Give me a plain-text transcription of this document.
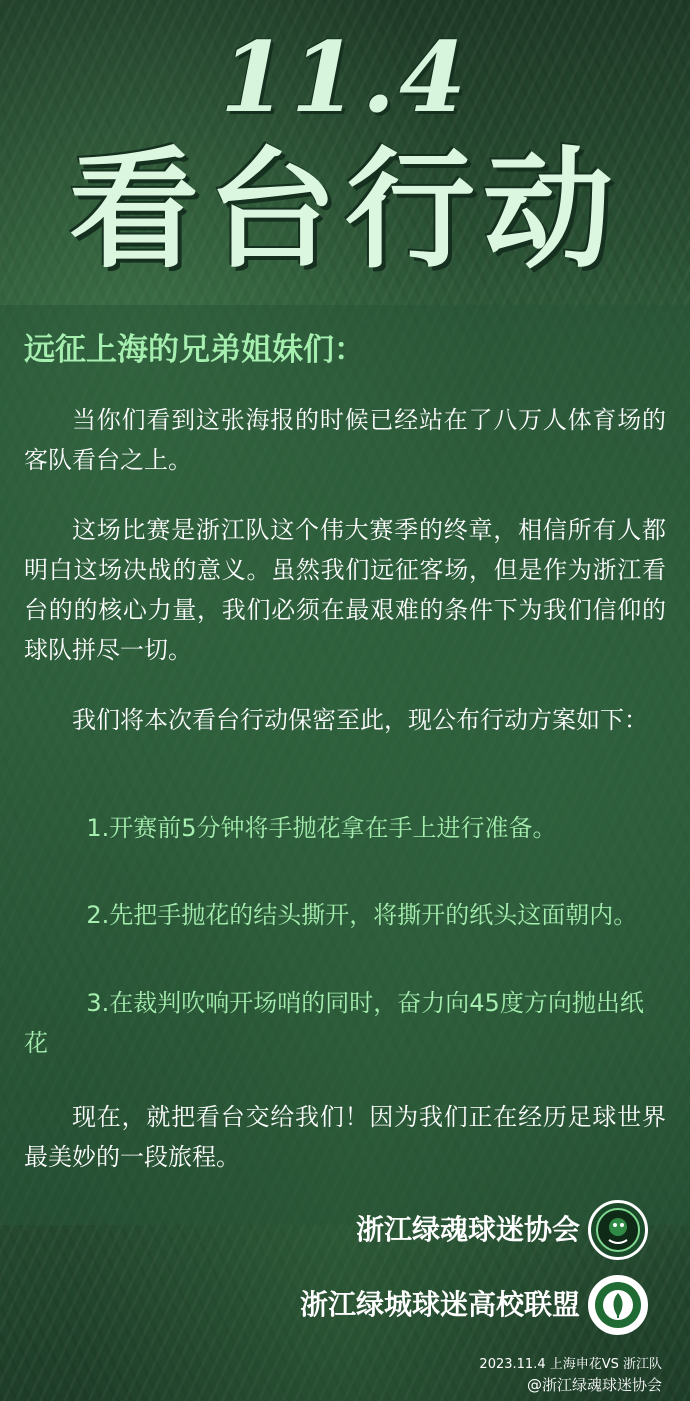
11.4
看台行动
远征上海的兄弟姐妹们：
当你们看到这张海报的时候已经站在了八万人体育场的客队看台之上。
这场比赛是浙江队这个伟大赛季的终章，相信所有人都明白这场决战的意义。虽然我们远征客场，但是作为浙江看台的的核心力量，我们必须在最艰难的条件下为我们信仰的球队拼尽一切。
我们将本次看台行动保密至此，现公布行动方案如下：
1.开赛前5分钟将手抛花拿在手上进行准备。
2.先把手抛花的结头撕开，将撕开的纸头这面朝内。
3.在裁判吹响开场哨的同时，奋力向45度方向抛出纸花
现在，就把看台交给我们！因为我们正在经历足球世界最美妙的一段旅程。
浙江绿魂球迷协会
浙江绿城球迷高校联盟
2023.11.4 上海申花VS 浙江队
@浙江绿魂球迷协会
